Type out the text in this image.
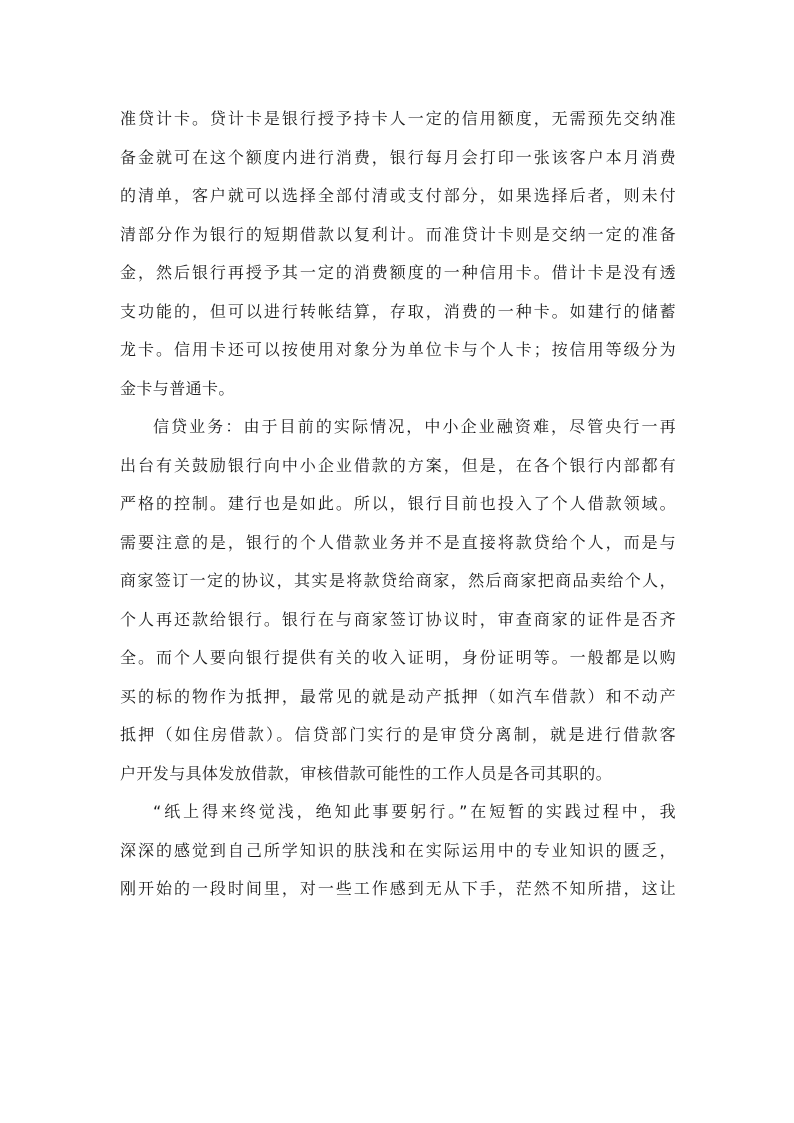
准贷计卡。贷计卡是银行授予持卡人一定的信用额度，无需预先交纳准
备金就可在这个额度内进行消费，银行每月会打印一张该客户本月消费
的清单，客户就可以选择全部付清或支付部分，如果选择后者，则未付
清部分作为银行的短期借款以复利计。而准贷计卡则是交纳一定的准备
金，然后银行再授予其一定的消费额度的一种信用卡。借计卡是没有透
支功能的，但可以进行转帐结算，存取，消费的一种卡。如建行的储蓄
龙卡。信用卡还可以按使用对象分为单位卡与个人卡；按信用等级分为
金卡与普通卡。
信贷业务：由于目前的实际情况，中小企业融资难，尽管央行一再
出台有关鼓励银行向中小企业借款的方案，但是，在各个银行内部都有
严格的控制。建行也是如此。所以，银行目前也投入了个人借款领域。
需要注意的是，银行的个人借款业务并不是直接将款贷给个人，而是与
商家签订一定的协议，其实是将款贷给商家，然后商家把商品卖给个人，
个人再还款给银行。银行在与商家签订协议时，审查商家的证件是否齐
全。而个人要向银行提供有关的收入证明，身份证明等。一般都是以购
买的标的物作为抵押，最常见的就是动产抵押（如汽车借款）和不动产
抵押（如住房借款）。信贷部门实行的是审贷分离制，就是进行借款客
户开发与具体发放借款，审核借款可能性的工作人员是各司其职的。
“纸上得来终觉浅，绝知此事要躬行。”在短暂的实践过程中，我
深深的感觉到自己所学知识的肤浅和在实际运用中的专业知识的匮乏，
刚开始的一段时间里，对一些工作感到无从下手，茫然不知所措，这让
